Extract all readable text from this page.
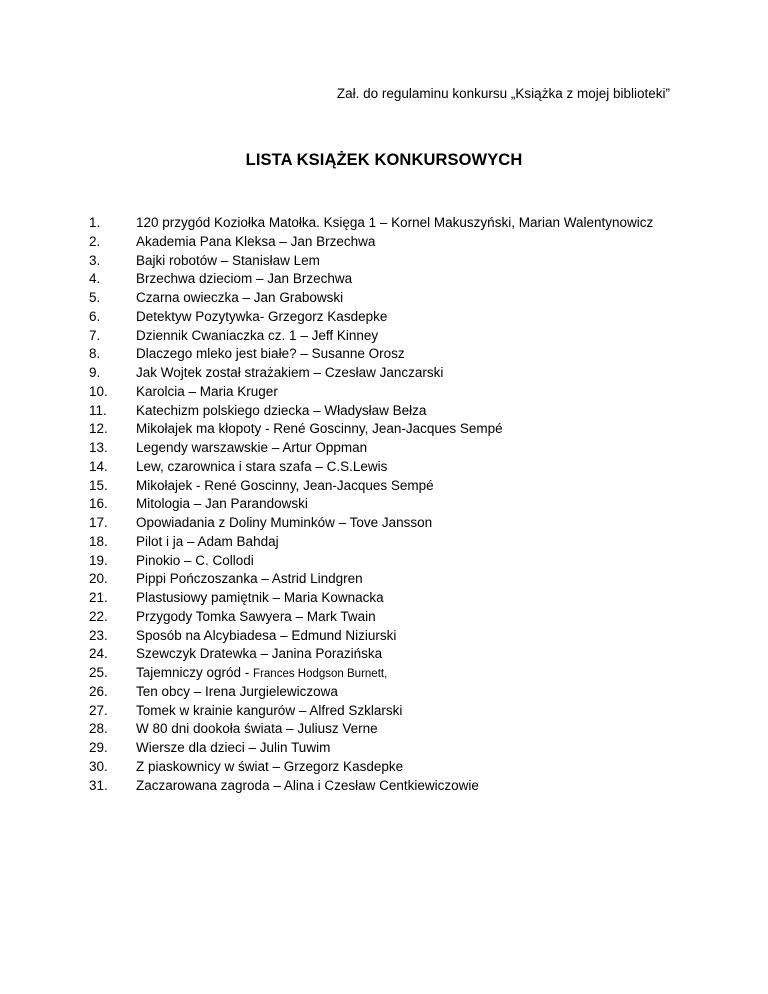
Zał. do regulaminu konkursu „Książka z mojej biblioteki”
LISTA KSIĄŻEK KONKURSOWYCH
1.	120 przygód Koziołka Matołka. Księga 1 – Kornel Makuszyński, Marian Walentynowicz
2.	Akademia Pana Kleksa – Jan Brzechwa
3.	Bajki robotów – Stanisław Lem
4.	Brzechwa dzieciom – Jan Brzechwa
5.	Czarna owieczka – Jan Grabowski
6.	Detektyw Pozytywka- Grzegorz Kasdepke
7.	Dziennik Cwaniaczka cz. 1 – Jeff Kinney
8.	Dlaczego mleko jest białe? – Susanne Orosz
9.	Jak Wojtek został strażakiem – Czesław Janczarski
10.	Karolcia – Maria Kruger
11.	Katechizm polskiego dziecka – Władysław Bełza
12.	Mikołajek ma kłopoty - René Goscinny, Jean-Jacques Sempé
13.	Legendy warszawskie – Artur Oppman
14.	Lew, czarownica i stara szafa – C.S.Lewis
15.	Mikołajek - René Goscinny, Jean-Jacques Sempé
16.	Mitologia – Jan Parandowski
17.	Opowiadania z Doliny Muminków – Tove Jansson
18.	Pilot i ja – Adam Bahdaj
19.	Pinokio – C. Collodi
20.	Pippi Pończoszanka – Astrid Lindgren
21.	Plastusiowy pamiętnik – Maria Kownacka
22.	Przygody Tomka Sawyera – Mark Twain
23.	Sposób na Alcybiadesa – Edmund Niziurski
24.	Szewczyk Dratewka – Janina Porazińska
25.	Tajemniczy ogród - Frances Hodgson Burnett,
26.	Ten obcy – Irena Jurgielewiczowa
27.	Tomek w krainie kangurów – Alfred Szklarski
28.	W 80 dni dookoła świata – Juliusz Verne
29.	Wiersze dla dzieci – Julin Tuwim
30.	Z piaskownicy w świat – Grzegorz Kasdepke
31.	Zaczarowana zagroda – Alina i Czesław Centkiewiczowie
